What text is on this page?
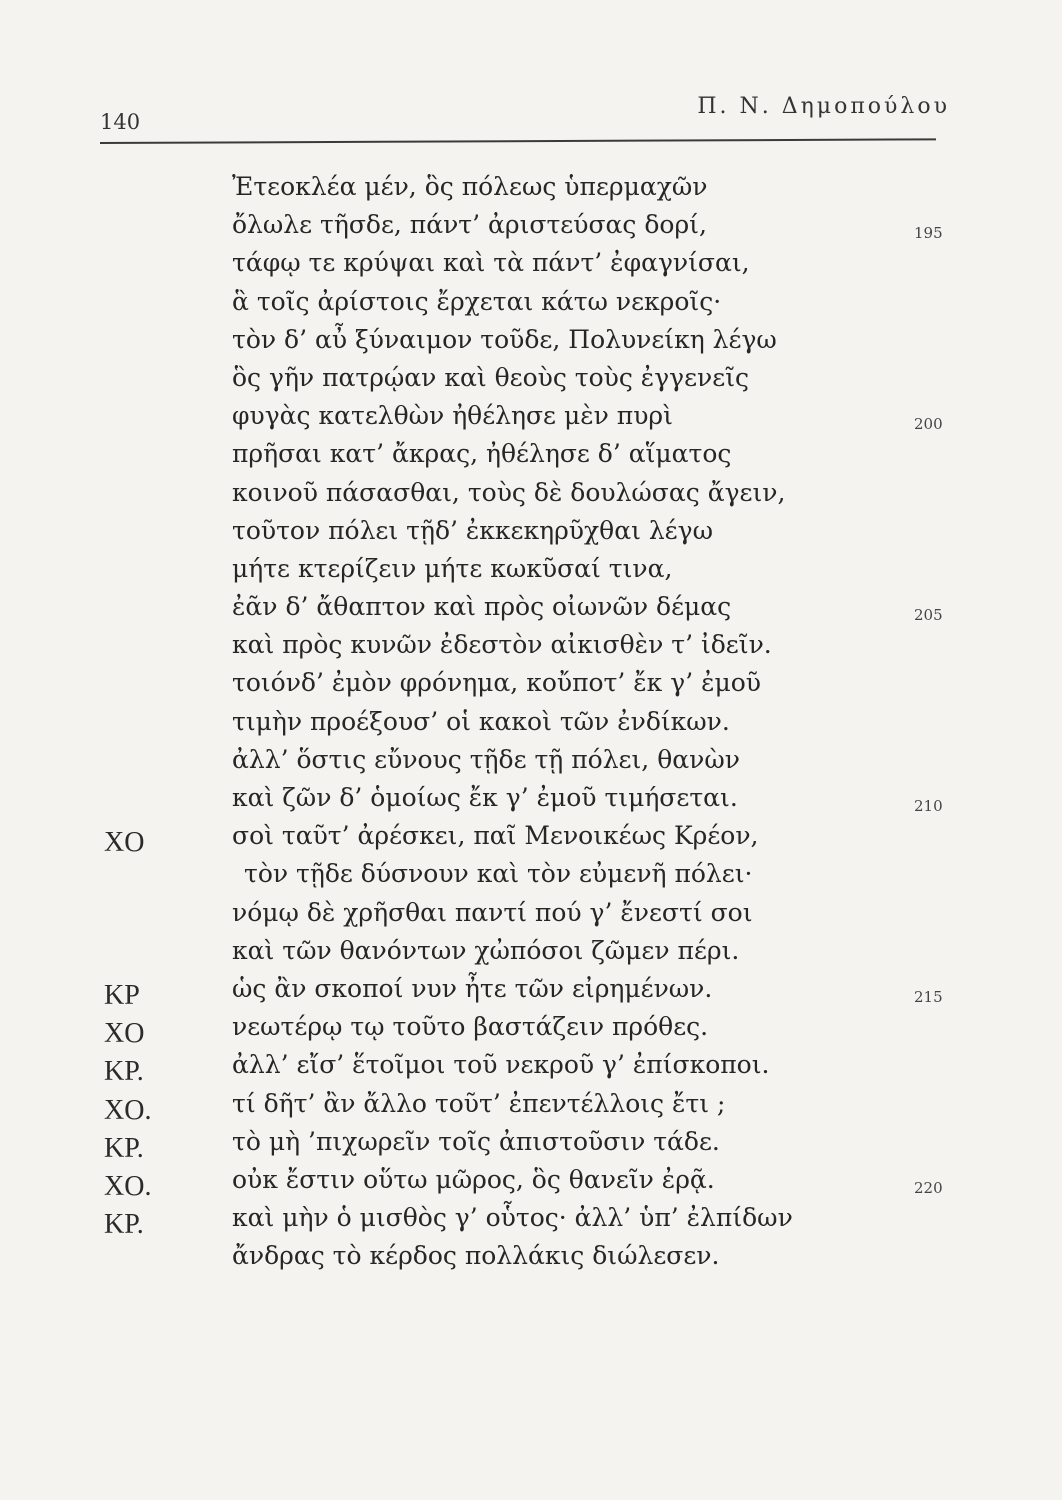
140
Π. Ν. Δημοπούλου
Ἐτεοκλέα μέν, ὃς πόλεως ὑπερμαχῶν
ὄλωλε τῆσδε, πάντ’ ἀριστεύσας δορί,	195
τάφῳ τε κρύψαι καὶ τὰ πάντ’ ἐφαγνίσαι,
ἃ τοῖς ἀρίστοις ἔρχεται κάτω νεκροῖς·
τὸν δ’ αὖ ξύναιμον τοῦδε, Πολυνείκη λέγω
ὃς γῆν πατρῴαν καὶ θεοὺς τοὺς ἐγγενεῖς
φυγὰς κατελθὼν ἠθέλησε μὲν πυρὶ	200
πρῆσαι κατ’ ἄκρας, ἠθέλησε δ’ αἵματος
κοινοῦ πάσασθαι, τοὺς δὲ δουλώσας ἄγειν,
τοῦτον πόλει τῇδ’ ἐκκεκηρῦχθαι λέγω
μήτε κτερίζειν μήτε κωκῦσαί τινα,
ἐᾶν δ’ ἄθαπτον καὶ πρὸς οἰωνῶν δέμας	205
καὶ πρὸς κυνῶν ἐδεστὸν αἰκισθὲν τ’ ἰδεῖν.
τοιόνδ’ ἐμὸν φρόνημα, κοὔποτ’ ἔκ γ’ ἐμοῦ
τιμὴν προέξουσ’ οἱ κακοὶ τῶν ἐνδίκων.
ἀλλ’ ὅστις εὔνους τῇδε τῇ πόλει, θανὼν
καὶ ζῶν δ’ ὁμοίως ἔκ γ’ ἐμοῦ τιμήσεται.	210
ΧΟ	σοὶ ταῦτ’ ἀρέσκει, παῖ Μενοικέως Κρέον,
τὸν τῇδε δύσνουν καὶ τὸν εὐμενῆ πόλει·
νόμῳ δὲ χρῆσθαι παντί πού γ’ ἔνεστί σοι
καὶ τῶν θανόντων χὠπόσοι ζῶμεν πέρι.
ΚΡ	ὡς ἂν σκοποί νυν ἦτε τῶν εἰρημένων.	215
ΧΟ	νεωτέρῳ τῳ τοῦτο βαστάζειν πρόθες.
ΚΡ.	ἀλλ’ εἴσ’ ἕτοῖμοι τοῦ νεκροῦ γ’ ἐπίσκοποι.
ΧΟ.	τί δῆτ’ ἂν ἄλλο τοῦτ’ ἐπεντέλλοις ἔτι ;
ΚΡ.	τὸ μὴ ’πιχωρεῖν τοῖς ἀπιστοῦσιν τάδε.
ΧΟ.	οὐκ ἔστιν οὕτω μῶρος, ὃς θανεῖν ἐρᾷ.	220
ΚΡ.	καὶ μὴν ὁ μισθὸς γ’ οὗτος· ἀλλ’ ὑπ’ ἐλπίδων
ἄνδρας τὸ κέρδος πολλάκις διώλεσεν.
